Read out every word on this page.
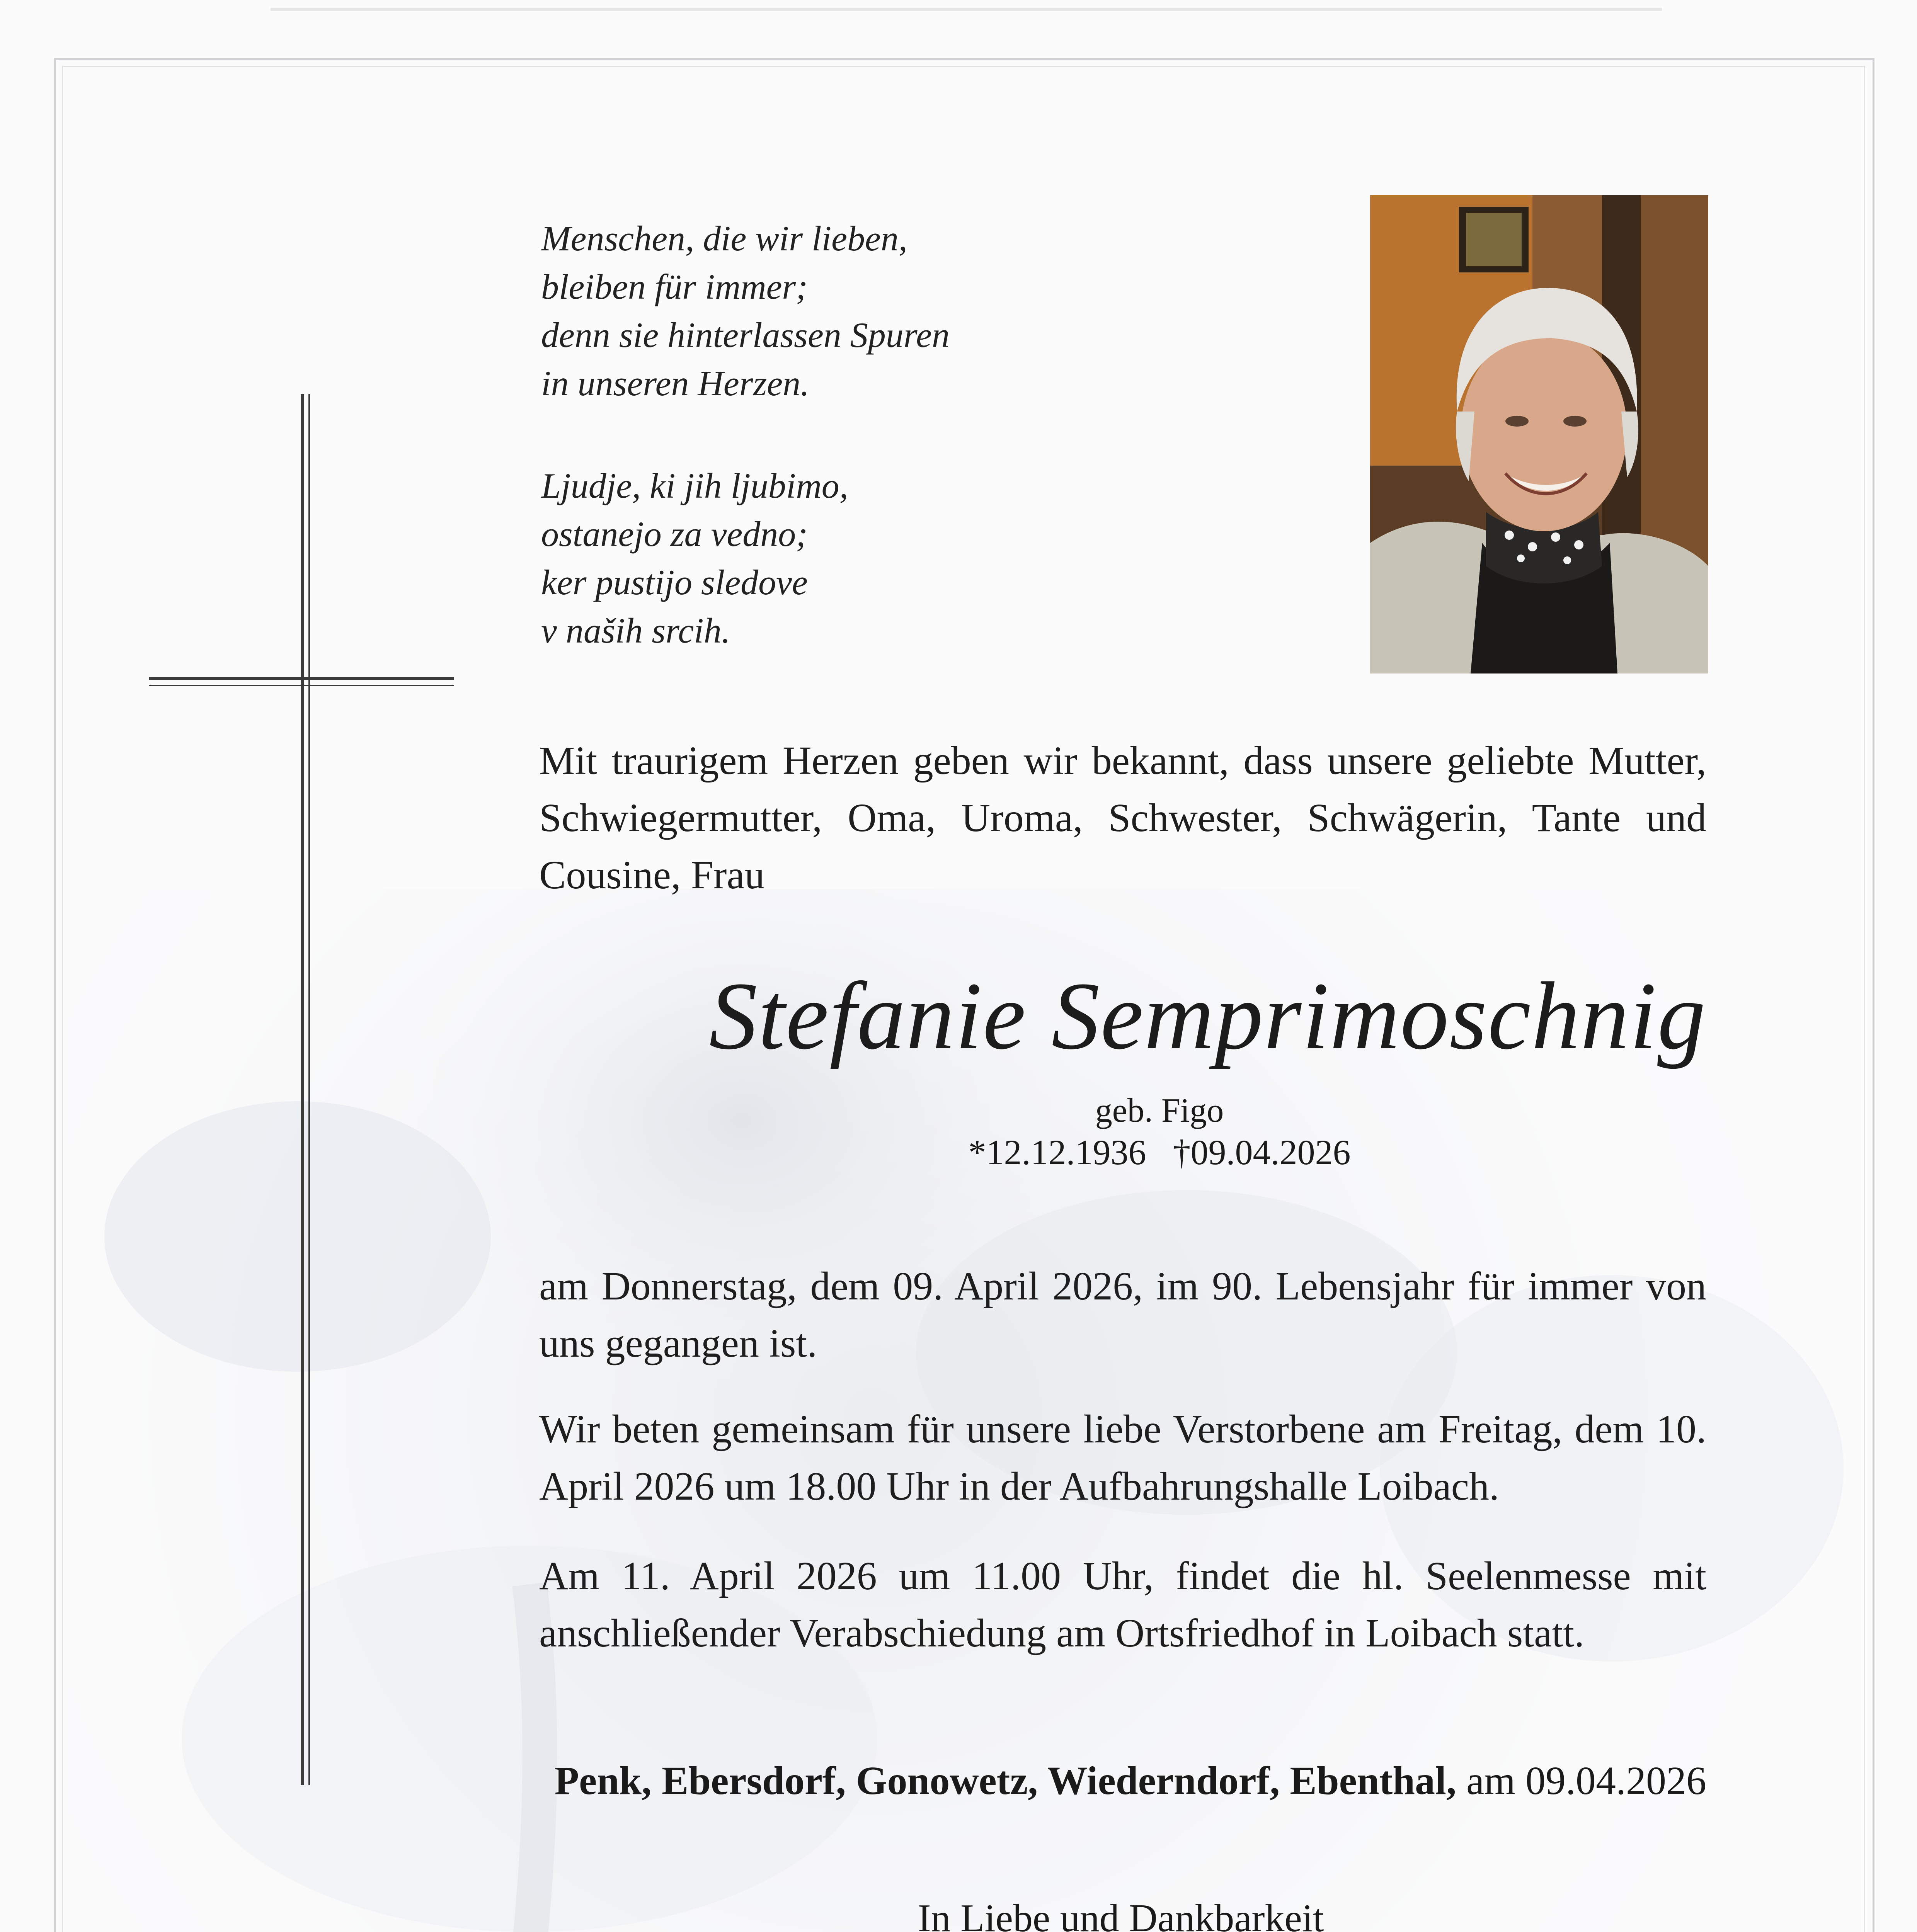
Menschen, die wir lieben,
bleiben für immer;
denn sie hinterlassen Spuren
in unseren Herzen.
Ljudje, ki jih ljubimo,
ostanejo za vedno;
ker pustijo sledove
v naših srcih.
Mit traurigem Herzen geben wir bekannt, dass unsere geliebte Mutter,
Schwiegermutter, Oma, Uroma, Schwester, Schwägerin, Tante und
Cousine, Frau
Stefanie Semprimoschnig
geb. Figo
*12.12.1936 †09.04.2026
am Donnerstag, dem 09. April 2026, im 90. Lebensjahr für immer von
uns gegangen ist.
Wir beten gemeinsam für unsere liebe Verstorbene am Freitag, dem 10.
April 2026 um 18.00 Uhr in der Aufbahrungshalle Loibach.
Am 11. April 2026 um 11.00 Uhr, findet die hl. Seelenmesse mit
anschließender Verabschiedung am Ortsfriedhof in Loibach statt.
Penk, Ebersdorf, Gonowetz, Wiederndorf, Ebenthal, am 09.04.2026
In Liebe und Dankbarkeit
